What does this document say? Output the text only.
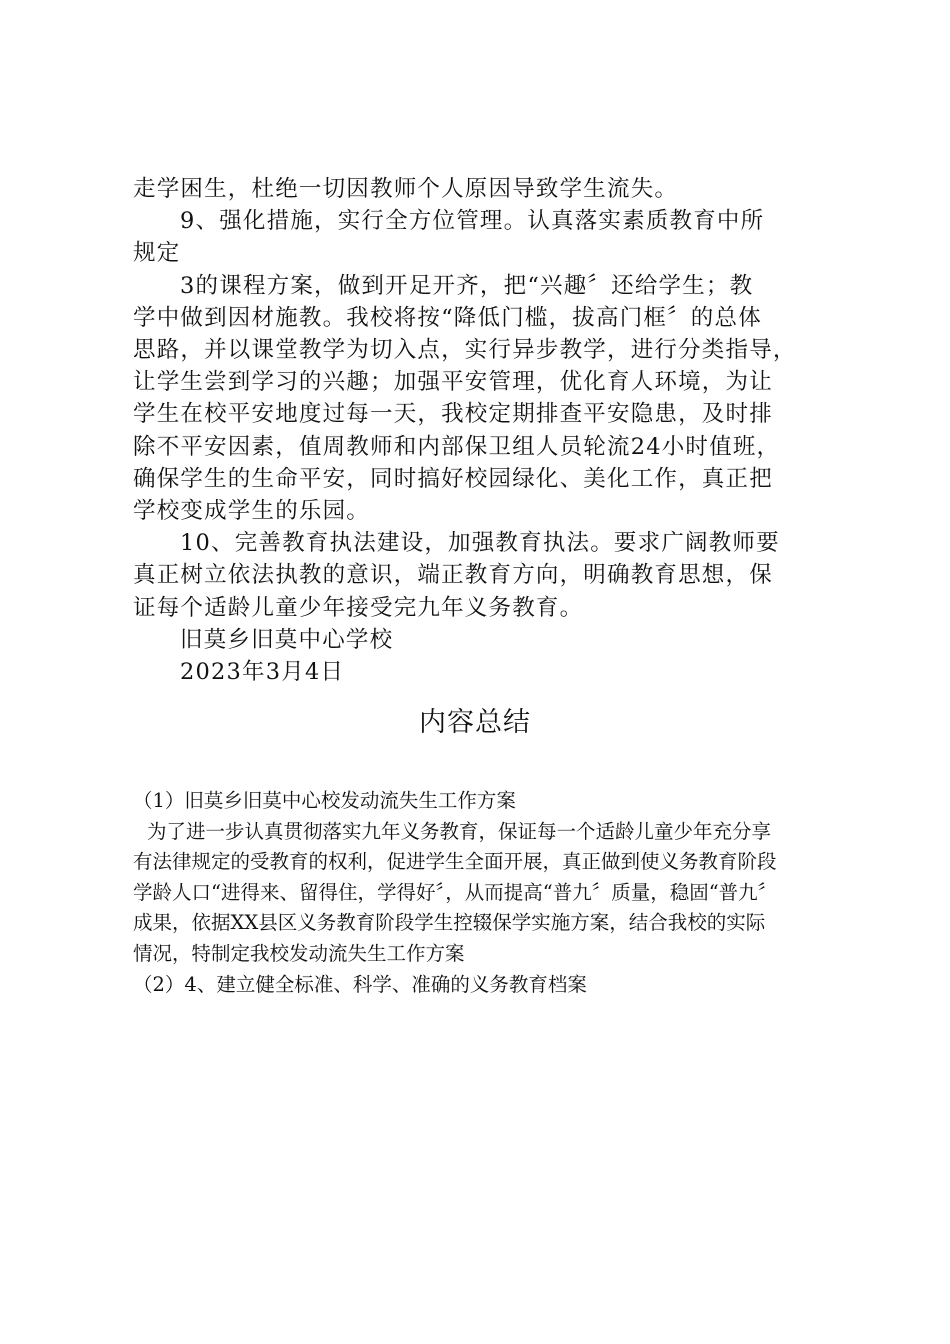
走学困生，杜绝一切因教师个人原因导致学生流失。

9、强化措施，实行全方位管理。认真落实素质教育中所

规定

3的课程方案，做到开足开齐，把“兴趣〞还给学生；教

学中做到因材施教。我校将按“降低门槛，拔高门框〞的总体

思路，并以课堂教学为切入点，实行异步教学，进行分类指导，

让学生尝到学习的兴趣；加强平安管理，优化育人环境，为让

学生在校平安地度过每一天，我校定期排查平安隐患，及时排

除不平安因素，值周教师和内部保卫组人员轮流24小时值班，

确保学生的生命平安，同时搞好校园绿化、美化工作，真正把

学校变成学生的乐园。

10、完善教育执法建设，加强教育执法。要求广阔教师要

真正树立依法执教的意识，端正教育方向，明确教育思想，保

证每个适龄儿童少年接受完九年义务教育。

旧莫乡旧莫中心学校

2023年3月4日

内容总结

（1）旧莫乡旧莫中心校发动流失生工作方案

为了进一步认真贯彻落实九年义务教育，保证每一个适龄儿童少年充分享

有法律规定的受教育的权利，促进学生全面开展，真正做到使义务教育阶段

学龄人口“进得来、留得住，学得好〞，从而提高“普九〞质量，稳固“普九〞

成果，依据XX县区义务教育阶段学生控辍保学实施方案，结合我校的实际

情况，特制定我校发动流失生工作方案

（2）4、建立健全标准、科学、准确的义务教育档案
